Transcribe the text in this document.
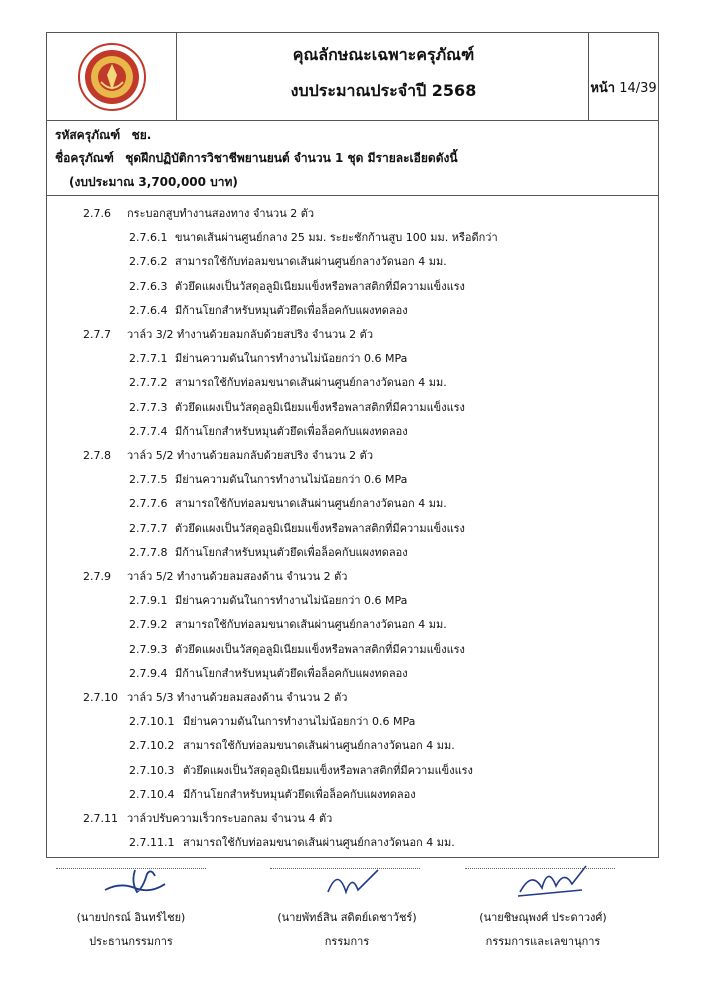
คุณลักษณะเฉพาะครุภัณฑ์
งบประมาณประจำปี 2568	หน้า 14/39
รหัสครุภัณฑ์ ชย.
ชื่อครุภัณฑ์ ชุดฝึกปฏิบัติการวิชาชีพยานยนต์ จำนวน 1 ชุด มีรายละเอียดดังนี้
(งบประมาณ 3,700,000 บาท)
2.7.6 กระบอกสูบทำงานสองทาง จำนวน 2 ตัว
2.7.6.1 ขนาดเส้นผ่านศูนย์กลาง 25 มม. ระยะชักก้านสูบ 100 มม. หรือดีกว่า
2.7.6.2 สามารถใช้กับท่อลมขนาดเส้นผ่านศูนย์กลางวัดนอก 4 มม.
2.7.6.3 ตัวยึดแผงเป็นวัสดุอลูมิเนียมแข็งหรือพลาสติกที่มีความแข็งแรง
2.7.6.4 มีก้านโยกสำหรับหมุนตัวยึดเพื่อล็อคกับแผงทดลอง
2.7.7 วาล์ว 3/2 ทำงานด้วยลมกลับด้วยสปริง จำนวน 2 ตัว
2.7.7.1 มีย่านความดันในการทำงานไม่น้อยกว่า 0.6 MPa
2.7.7.2 สามารถใช้กับท่อลมขนาดเส้นผ่านศูนย์กลางวัดนอก 4 มม.
2.7.7.3 ตัวยึดแผงเป็นวัสดุอลูมิเนียมแข็งหรือพลาสติกที่มีความแข็งแรง
2.7.7.4 มีก้านโยกสำหรับหมุนตัวยึดเพื่อล็อคกับแผงทดลอง
2.7.8 วาล์ว 5/2 ทำงานด้วยลมกลับด้วยสปริง จำนวน 2 ตัว
2.7.7.5 มีย่านความดันในการทำงานไม่น้อยกว่า 0.6 MPa
2.7.7.6 สามารถใช้กับท่อลมขนาดเส้นผ่านศูนย์กลางวัดนอก 4 มม.
2.7.7.7 ตัวยึดแผงเป็นวัสดุอลูมิเนียมแข็งหรือพลาสติกที่มีความแข็งแรง
2.7.7.8 มีก้านโยกสำหรับหมุนตัวยึดเพื่อล็อคกับแผงทดลอง
2.7.9 วาล์ว 5/2 ทำงานด้วยลมสองด้าน จำนวน 2 ตัว
2.7.9.1 มีย่านความดันในการทำงานไม่น้อยกว่า 0.6 MPa
2.7.9.2 สามารถใช้กับท่อลมขนาดเส้นผ่านศูนย์กลางวัดนอก 4 มม.
2.7.9.3 ตัวยึดแผงเป็นวัสดุอลูมิเนียมแข็งหรือพลาสติกที่มีความแข็งแรง
2.7.9.4 มีก้านโยกสำหรับหมุนตัวยึดเพื่อล็อคกับแผงทดลอง
2.7.10 วาล์ว 5/3 ทำงานด้วยลมสองด้าน จำนวน 2 ตัว
2.7.10.1 มีย่านความดันในการทำงานไม่น้อยกว่า 0.6 MPa
2.7.10.2 สามารถใช้กับท่อลมขนาดเส้นผ่านศูนย์กลางวัดนอก 4 มม.
2.7.10.3 ตัวยึดแผงเป็นวัสดุอลูมิเนียมแข็งหรือพลาสติกที่มีความแข็งแรง
2.7.10.4 มีก้านโยกสำหรับหมุนตัวยึดเพื่อล็อคกับแผงทดลอง
2.7.11 วาล์วปรับความเร็วกระบอกลม จำนวน 4 ตัว
2.7.11.1 สามารถใช้กับท่อลมขนาดเส้นผ่านศูนย์กลางวัดนอก 4 มม.
(นายปกรณ์ อินทร์ไชย)
ประธานกรรมการ
(นายพัทธ์สิน สดิตย์เดชาวัชร์)
กรรมการ
(นายชิษณุพงศ์ ประดาวงศ์)
กรรมการและเลขานุการ
